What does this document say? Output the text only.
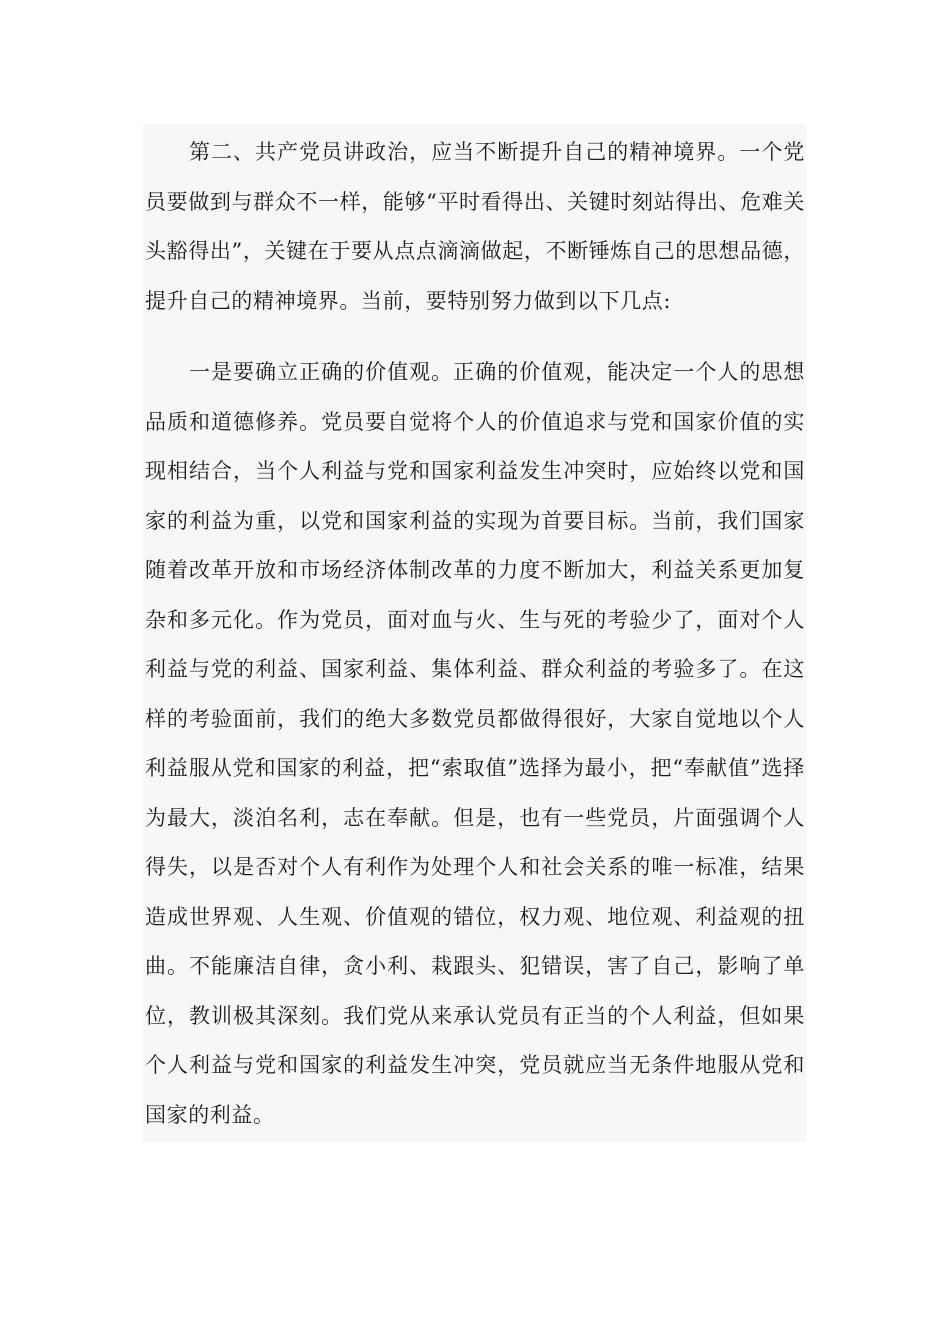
第二、共产党员讲政治，应当不断提升自己的精神境界。一个党员要做到与群众不一样，能够“平时看得出、关键时刻站得出、危难关头豁得出”，关键在于要从点点滴滴做起，不断锤炼自己的思想品德，提升自己的精神境界。当前，要特别努力做到以下几点:

一是要确立正确的价值观。正确的价值观，能决定一个人的思想品质和道德修养。党员要自觉将个人的价值追求与党和国家价值的实现相结合，当个人利益与党和国家利益发生冲突时，应始终以党和国家的利益为重，以党和国家利益的实现为首要目标。当前，我们国家随着改革开放和市场经济体制改革的力度不断加大，利益关系更加复杂和多元化。作为党员，面对血与火、生与死的考验少了，面对个人利益与党的利益、国家利益、集体利益、群众利益的考验多了。在这样的考验面前，我们的绝大多数党员都做得很好，大家自觉地以个人利益服从党和国家的利益，把“索取值”选择为最小，把“奉献值”选择为最大，淡泊名利，志在奉献。但是，也有一些党员，片面强调个人得失，以是否对个人有利作为处理个人和社会关系的唯一标准，结果造成世界观、人生观、价值观的错位，权力观、地位观、利益观的扭曲。不能廉洁自律，贪小利、栽跟头、犯错误，害了自己，影响了单位，教训极其深刻。我们党从来承认党员有正当的个人利益，但如果个人利益与党和国家的利益发生冲突，党员就应当无条件地服从党和国家的利益。
